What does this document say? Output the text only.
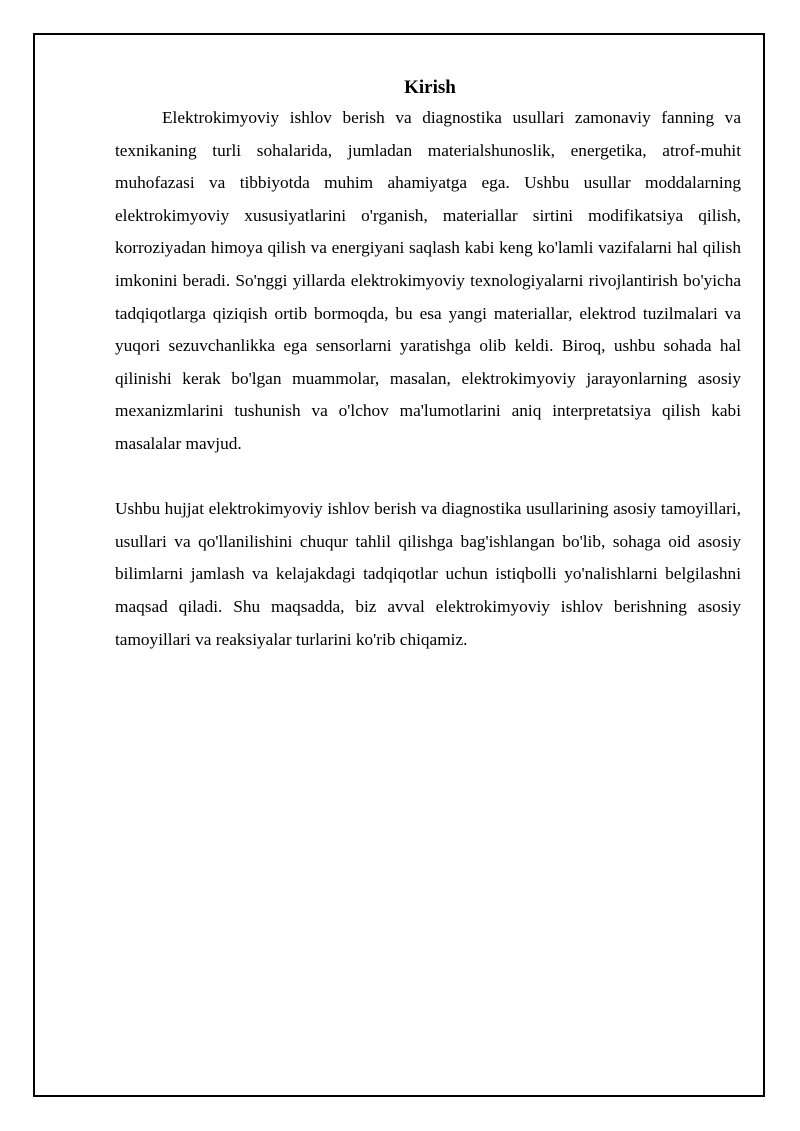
Kirish

Elektrokimyoviy ishlov berish va diagnostika usullari zamonaviy fanning va texnikaning turli sohalarida, jumladan materialshunoslik, energetika, atrof-muhit muhofazasi va tibbiyotda muhim ahamiyatga ega. Ushbu usullar moddalarning elektrokimyoviy xususiyatlarini o'rganish, materiallar sirtini modifikatsiya qilish, korroziyadan himoya qilish va energiyani saqlash kabi keng ko'lamli vazifalarni hal qilish imkonini beradi. So'nggi yillarda elektrokimyoviy texnologiyalarni rivojlantirish bo'yicha tadqiqotlarga qiziqish ortib bormoqda, bu esa yangi materiallar, elektrod tuzilmalari va yuqori sezuvchanlikka ega sensorlarni yaratishga olib keldi. Biroq, ushbu sohada hal qilinishi kerak bo'lgan muammolar, masalan, elektrokimyoviy jarayonlarning asosiy mexanizmlarini tushunish va o'lchov ma'lumotlarini aniq interpretatsiya qilish kabi masalalar mavjud.

Ushbu hujjat elektrokimyoviy ishlov berish va diagnostika usullarining asosiy tamoyillari, usullari va qo'llanilishini chuqur tahlil qilishga bag'ishlangan bo'lib, sohaga oid asosiy bilimlarni jamlash va kelajakdagi tadqiqotlar uchun istiqbolli yo'nalishlarni belgilashni maqsad qiladi. Shu maqsadda, biz avval elektrokimyoviy ishlov berishning asosiy tamoyillari va reaksiyalar turlarini ko'rib chiqamiz.
